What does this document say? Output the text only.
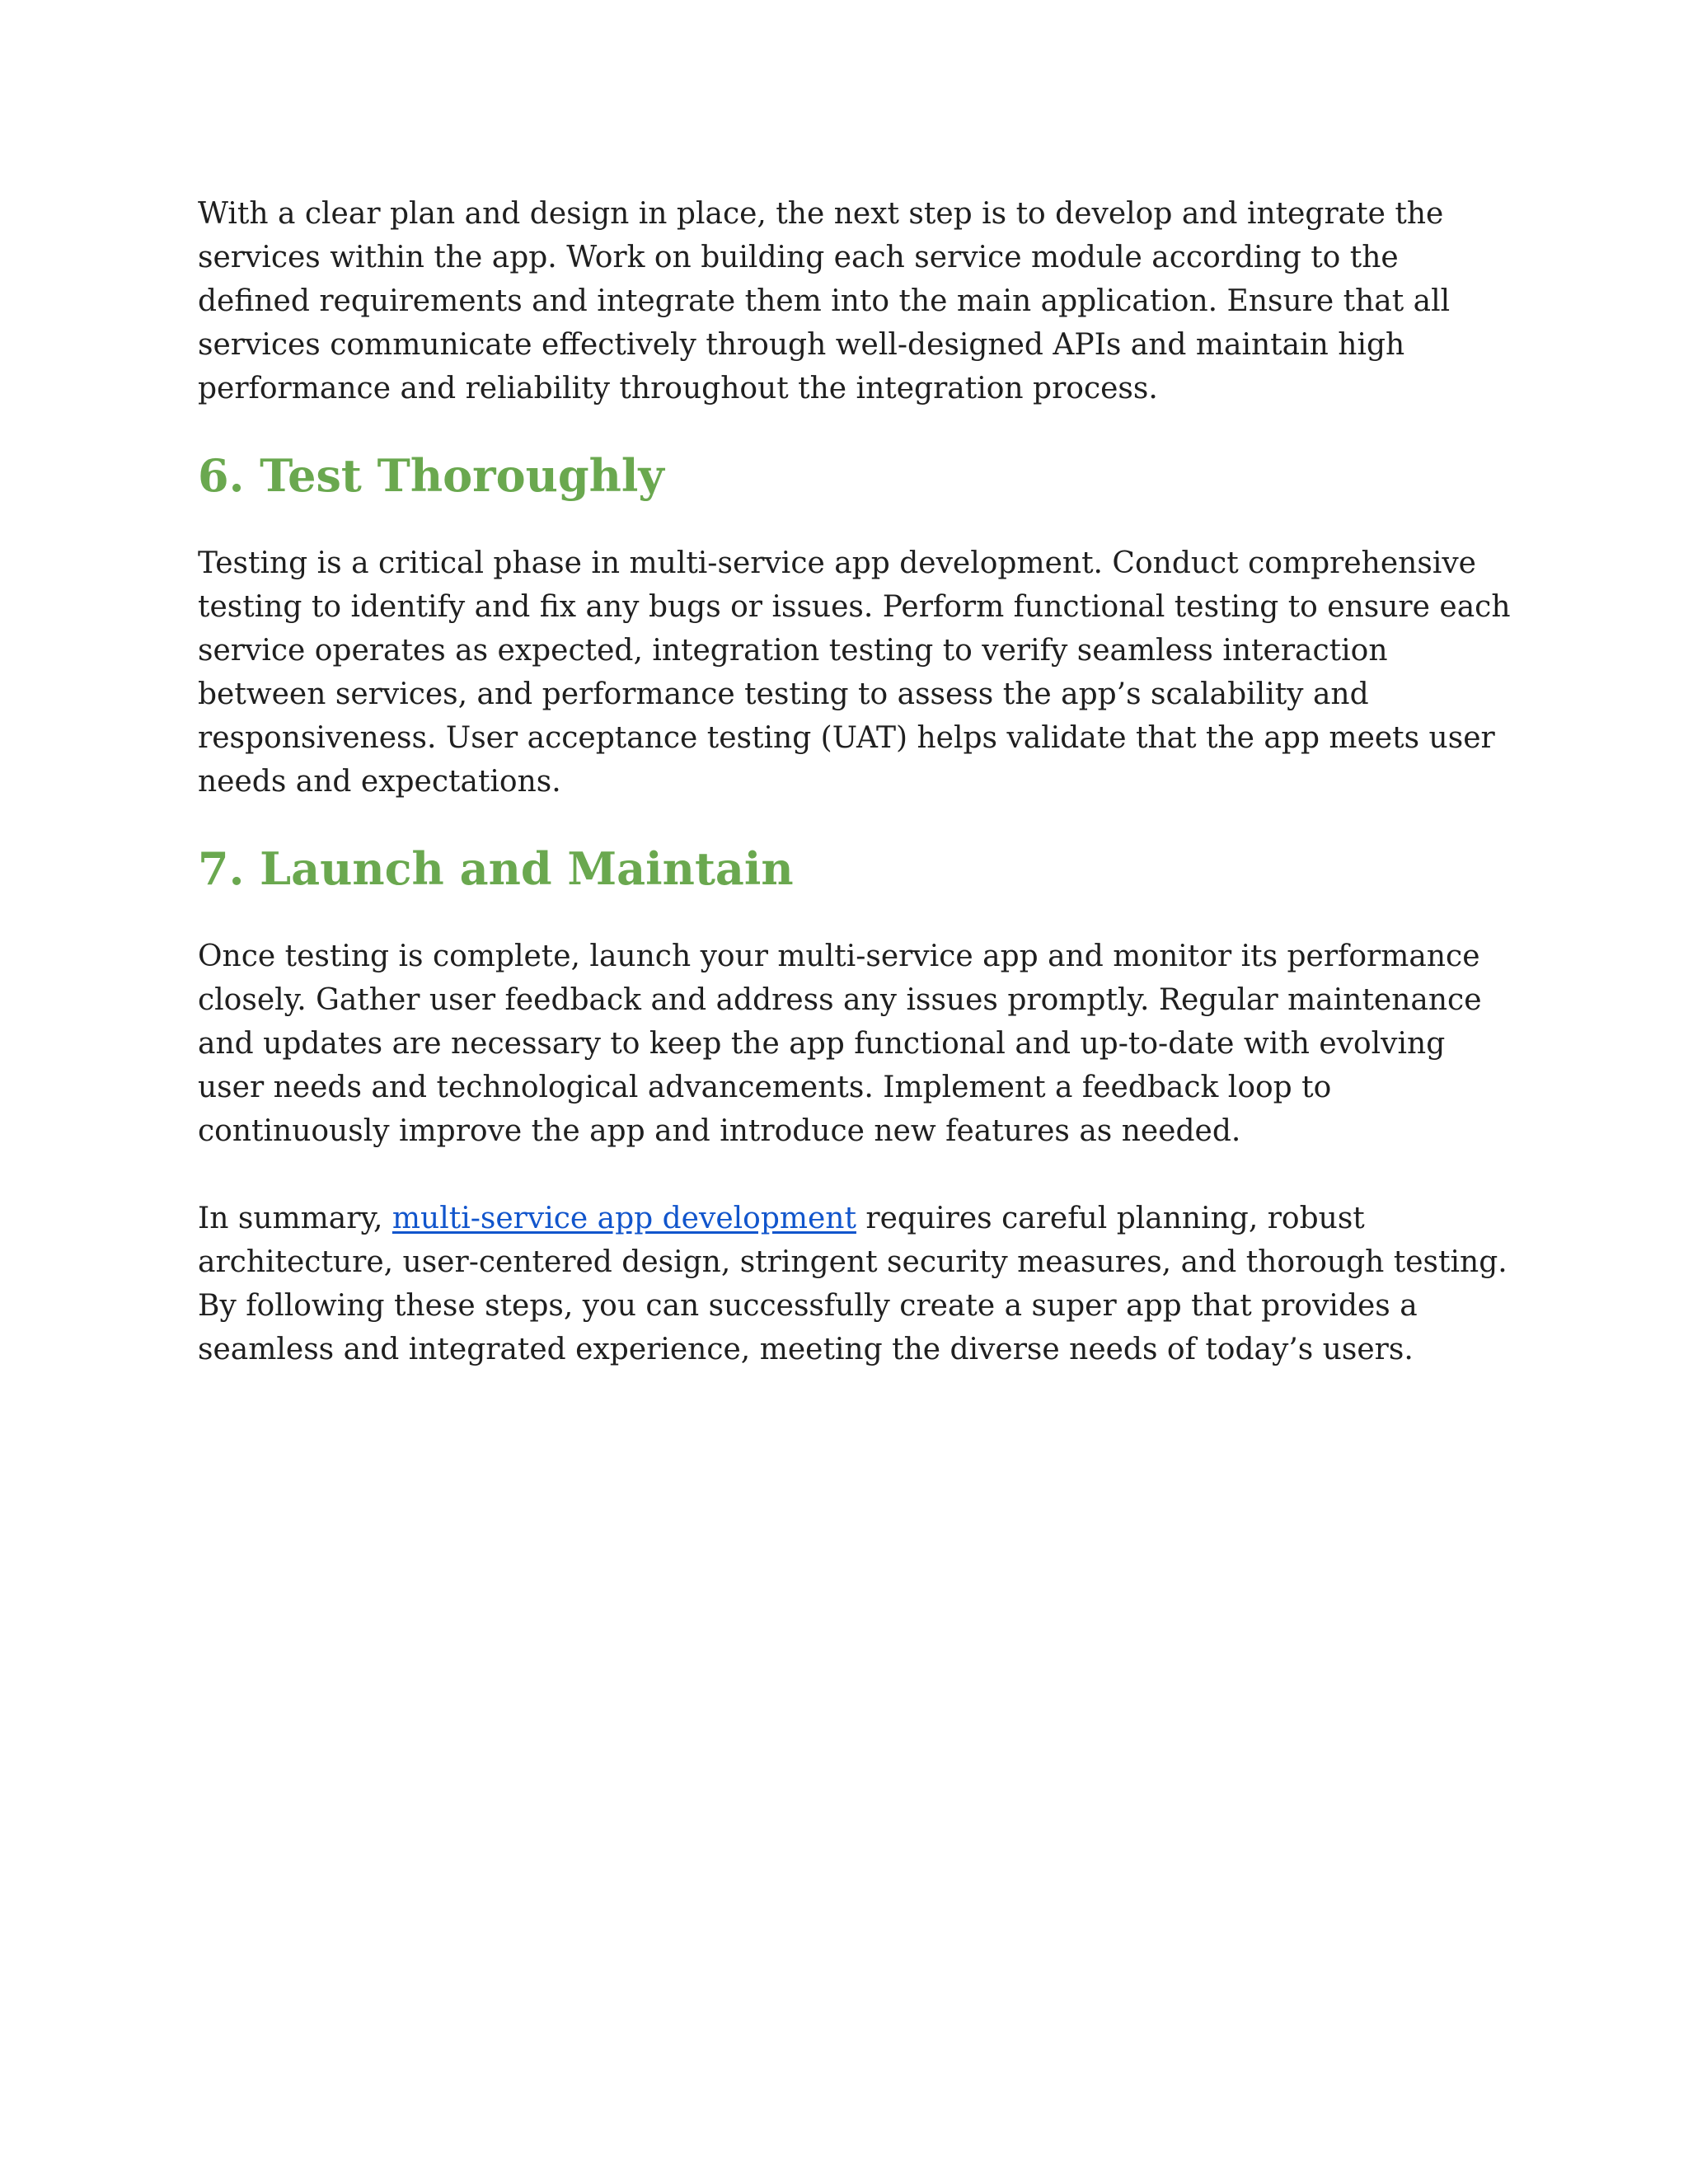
With a clear plan and design in place, the next step is to develop and integrate the services within the app. Work on building each service module according to the defined requirements and integrate them into the main application. Ensure that all services communicate effectively through well-designed APIs and maintain high performance and reliability throughout the integration process.

6. Test Thoroughly

Testing is a critical phase in multi-service app development. Conduct comprehensive testing to identify and fix any bugs or issues. Perform functional testing to ensure each service operates as expected, integration testing to verify seamless interaction between services, and performance testing to assess the app’s scalability and responsiveness. User acceptance testing (UAT) helps validate that the app meets user needs and expectations.

7. Launch and Maintain

Once testing is complete, launch your multi-service app and monitor its performance closely. Gather user feedback and address any issues promptly. Regular maintenance and updates are necessary to keep the app functional and up-to-date with evolving user needs and technological advancements. Implement a feedback loop to continuously improve the app and introduce new features as needed.

In summary, multi-service app development requires careful planning, robust architecture, user-centered design, stringent security measures, and thorough testing. By following these steps, you can successfully create a super app that provides a seamless and integrated experience, meeting the diverse needs of today’s users.
